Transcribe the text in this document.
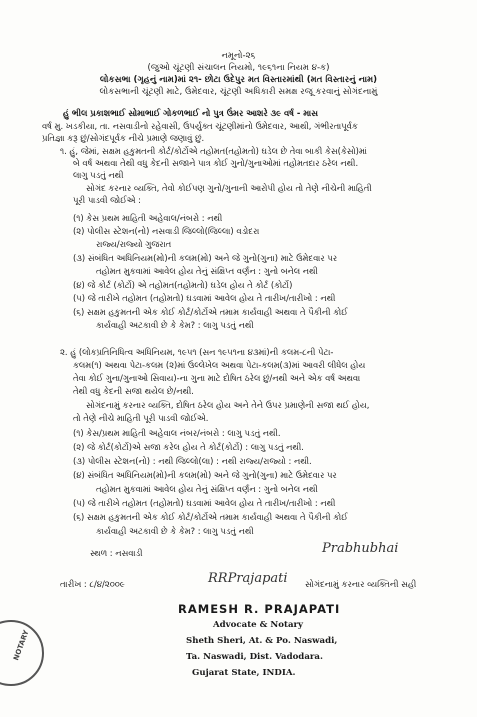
નમૂનો-૨૬
(જુઓ ચૂંટણી સંચાલન નિયમો, ૧૯૬૧ના નિયમ ૪-ક)
લોકસભા (ગૃહનું નામ)માં ૨૧- છોટા ઉદેપુર મત વિસ્તારમાંથી (મત વિસ્તારનું નામ)
લોકસભાની ચૂંટણી માટે, ઉમેદવાર, ચૂંટણી અધિકારી સમક્ષ રજૂ કરવાનું સોગંદનામું
હું ભીલ પ્રકાશભાઈ સોમાભાઈ ગોકળભાઈ નો પુત્ર ઉંમર આશરે ૩૯ વર્ષ - માસ
વર્ષ મુ. ખડકીયા, તા. નસવાડીનો રહેવાસી, ઉપર્યુક્ત ચૂંટણીમાંનો ઉમેદવાર, આથી, ગંભીરતાપૂર્વક
પ્રતિજ્ઞા કરૂ છું/સોગંદપૂર્વક નીચે પ્રમાણે જણાવું છું.
૧. હું, જેમાં, સક્ષમ હકુમતની કોર્ટ/કોર્ટોએ તહોમત(તહોમતો) ઘડેલ છે તેવા બાકી કેસ(કેસો)માં
બે વર્ષ અથવા તેથી વધુ કેદની સજાને પાત્ર કોઈ ગુનો/ગુનાઓમાં તહોમતદાર ઠરેલ નથી.
લાગુ પડતું નથી
સોગંદ કરનાર વ્યક્તિ, તેવો કોઈપણ ગુનો/ગુનાની આરોપી હોય તો તેણે નીચેની માહિતી
પૂરી પાડવી જોઈએ :
(૧) કેસ પ્રથમ માહિતી અહેવાલ/નંબરો : નથી
(૨) પોલીસ સ્ટેશન(નો) નસવાડી જિલ્લો(જિલ્લા) વડોદરા
રાજ્ય/રાજ્યો ગુજરાત
(૩) સંબંધિત અધિનિયમ(મો)ની કલમ(મો) અને જે ગુનો(ગુના) માટે ઉમેદવાર પર
તહોમત મુકવામાં આવેલ હોય તેનું સંક્ષિપ્ત વર્ણન : ગુનો બનેલ નથી
(૪) જે કોર્ટ (કોર્ટો) એ તહોમત(તહોમતો) ઘડેલ હોય તે કોર્ટ (કોર્ટો)
(૫) જે તારીખે તહોમત (તહોમતો) ઘડવામાં આવેલ હોય તે તારીખ/તારીખો : નથી
(૬) સક્ષમ હકુમતની એક કોઈ કોર્ટ/કોર્ટોએ તમામ કાર્યવાહી અથવા તે પૈકીની કોઈ
કાર્યવાહી અટકાવી છે કે કેમ? : લાગુ પડતું નથી
૨. હું (લોકપ્રતિનિધિત્વ અધિનિયમ, ૧૯૫૧ (સન ૧૯૫૧ના ૪૩માં)ની કલમ-૮ની પેટા-
કલમ(૧) અથવા પેટા-કલમ (૨)માં ઉલ્લેખેલ અથવા પેટા-કલમ(૩)માં આવરી લીધેલ હોય
તેવા કોઈ ગુના/ગુનાઓ સિવાય)-ના ગુના માટે દોષિત ઠરેલ છું/નથી અને એક વર્ષ અથવા
તેથી વધુ કેદની સજા થયેલ છે/નથી.
સોગંદનામું કરનાર વ્યક્તિ, દોષિત ઠરેલ હોય અને તેને ઉપર પ્રમાણેની સજા થઈ હોય,
તો તેણે નીચે માહિતી પૂરી પાડવી જોઈએ.
(૧) કેસ/પ્રથમ માહિતી અહેવાલ નંબર/નંબરો : લાગુ પડતું નથી.
(૨) જે કોર્ટ(કોર્ટો)એ સજા કરેલ હોય તે કોર્ટ(કોર્ટો) : લાગુ પડતું નથી.
(૩) પોલીસ સ્ટેશન(નો) : નથી જિલ્લો(લા) : નથી રાજ્ય/રાજ્યો : નથી.
(૪) સંબંધિત અધિનિયમ(મો)ની કલમ(મો) અને જે ગુનો(ગુના) માટે ઉમેદવાર પર
તહોમત મુકવામાં આવેલ હોય તેનું સંક્ષિપ્ત વર્ણન : ગુનો બનેલ નથી
(૫) જે તારીખે તહોમત (તહોમતો) ઘડવામાં આવેલ હોય તે તારીખ/તારીખો : નથી
(૬) સક્ષમ હકુમતની એક કોઈ કોર્ટ/કોર્ટોએ તમામ કાર્યવાહી અથવા તે પૈકીની કોઈ
કાર્યવાહી અટકાવી છે કે કેમ? : લાગુ પડતું નથી
સ્થળ : નસવાડી	Prabhubhai
તારીખ : ૮/૪/૨૦૦૯	RRPrajapati સોગંદનામું કરનાર વ્યક્તિની સહી
RAMESH R. PRAJAPATI
Advocate & Notary
Sheth Sheri, At. & Po. Naswadi,
Ta. Naswadi, Dist. Vadodara.
Gujarat State, INDIA.
NOTARY
